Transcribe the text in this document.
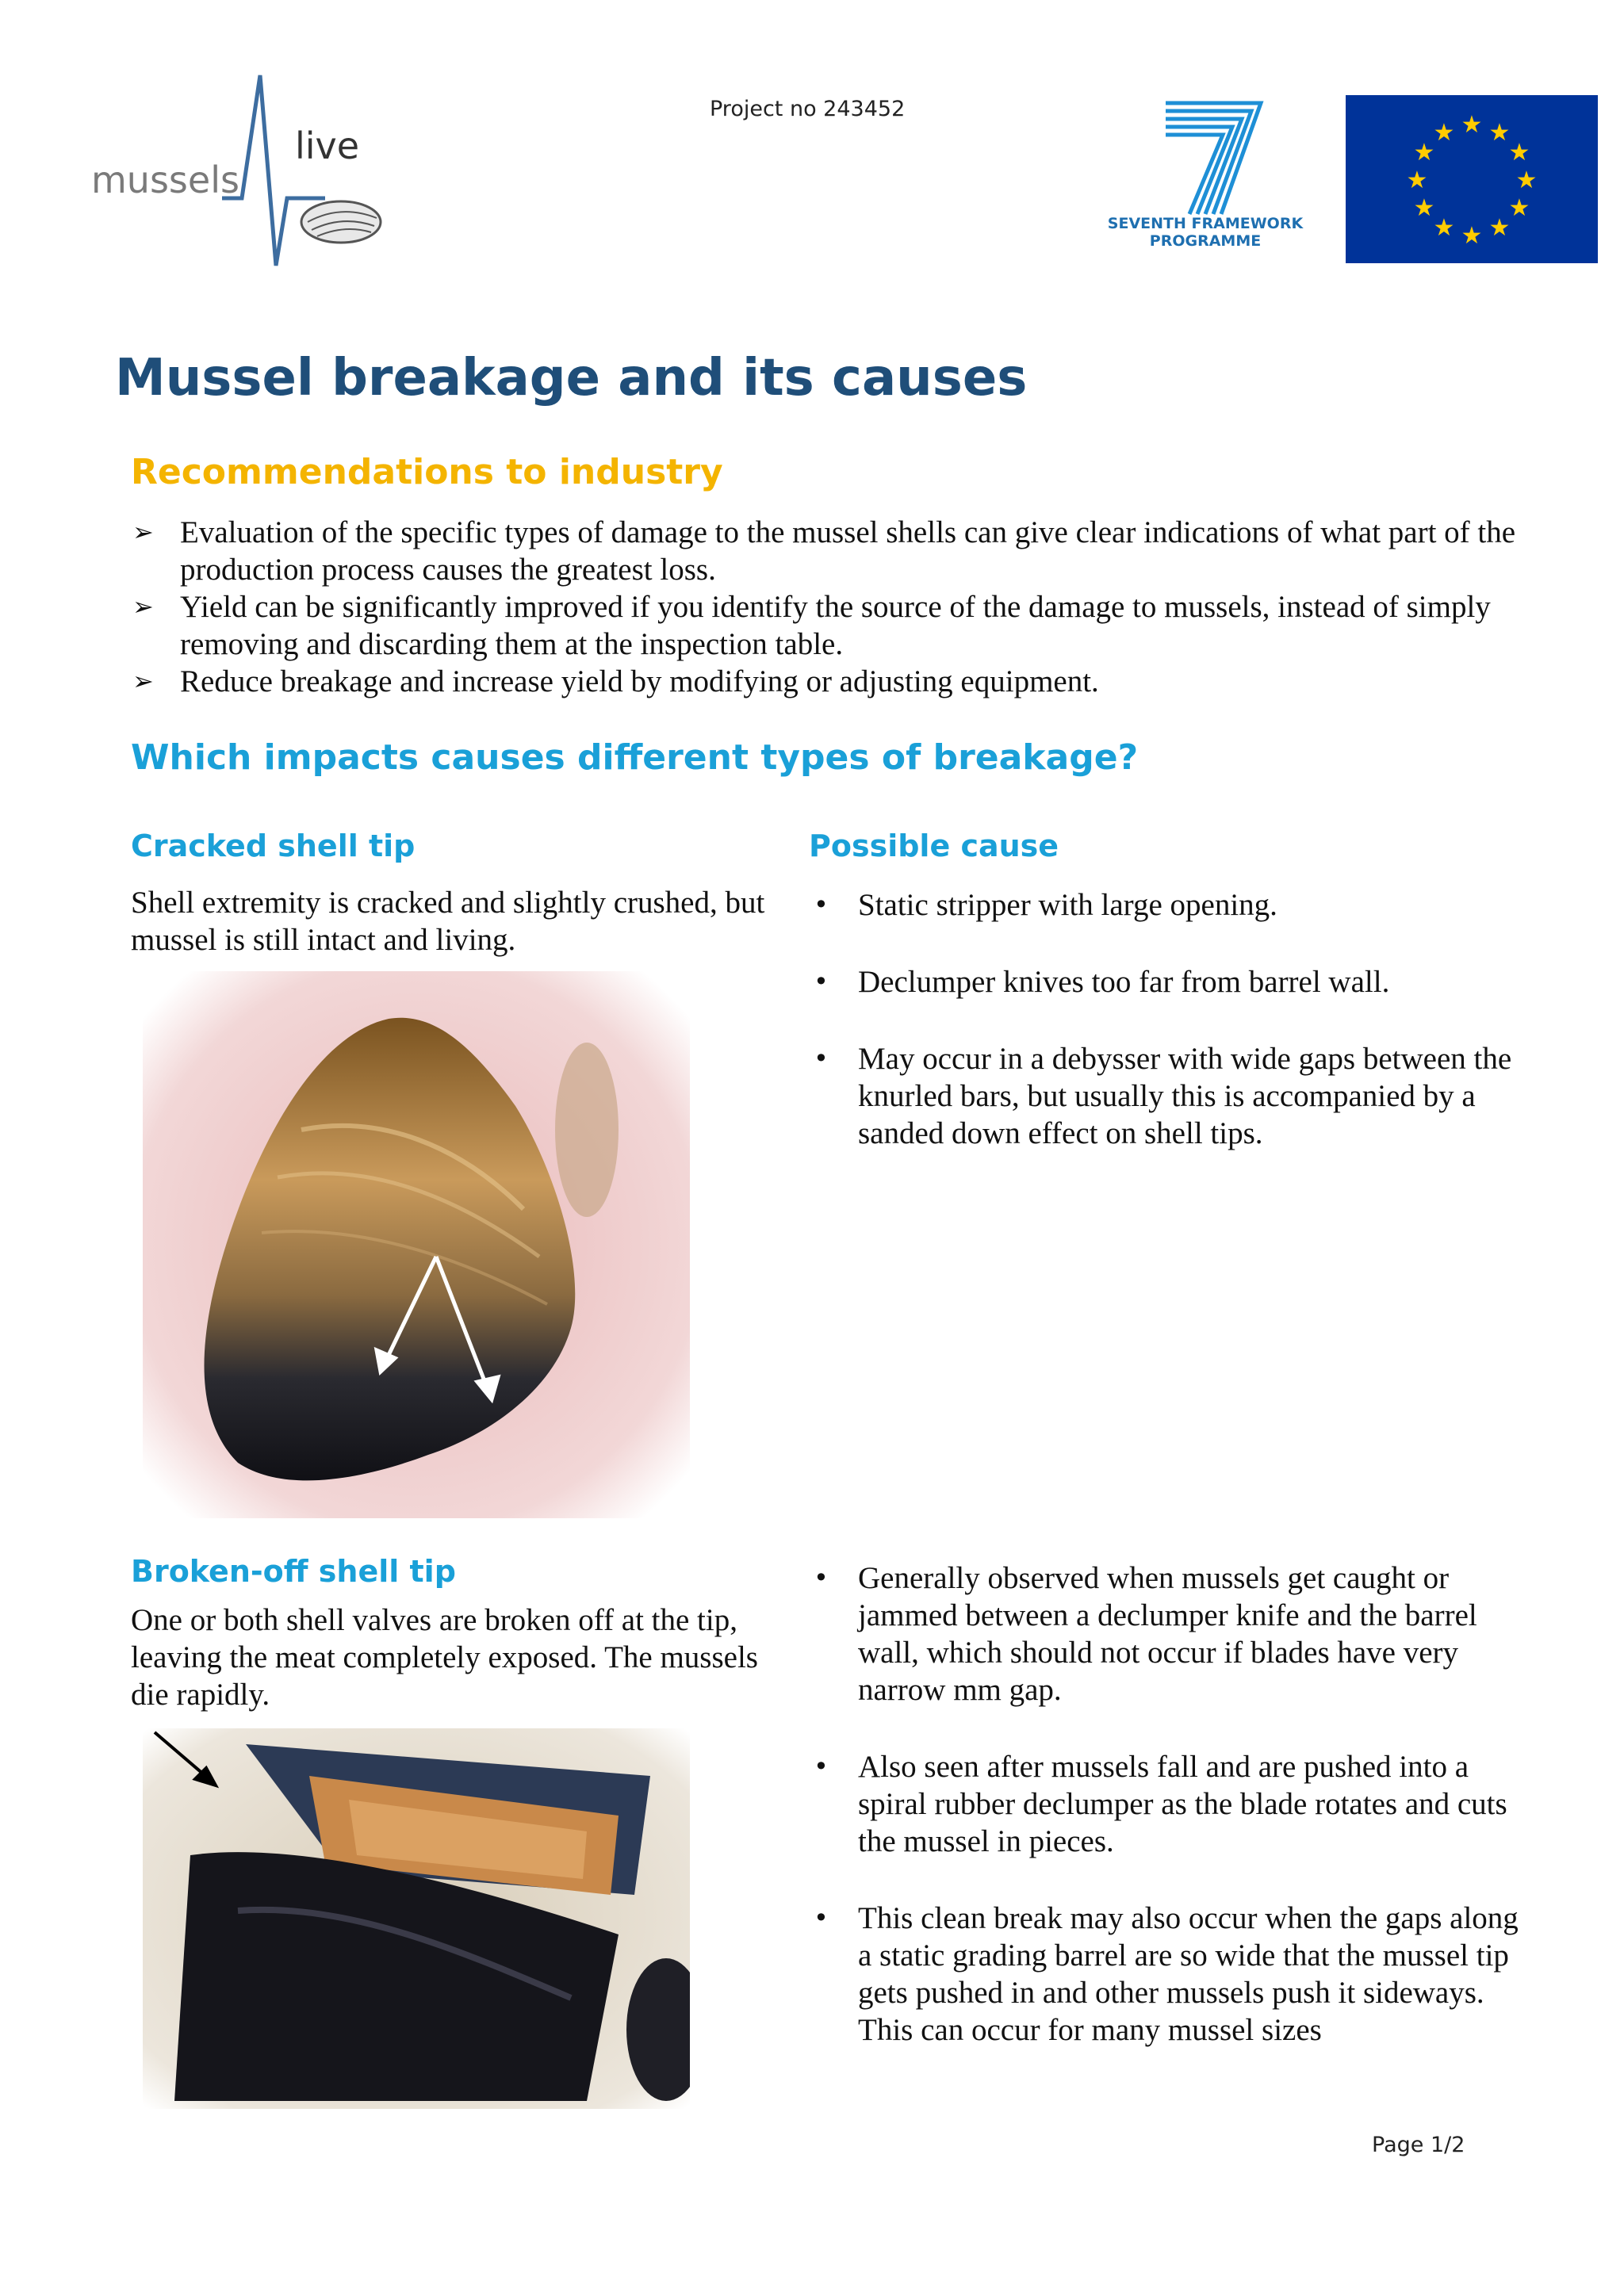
mussels
live
Project no 243452
SEVENTH FRAMEWORK
PROGRAMME
★ ★
★
★
★
★
★
★
★
★
★
★
Mussel breakage and its causes
Recommendations to industry
➢ Evaluation of the specific types of damage to the mussel shells can give clear indications of what part of the production process causes the greatest loss.
➢ Yield can be significantly improved if you identify the source of the damage to mussels, instead of simply removing and discarding them at the inspection table.
➢ Reduce breakage and increase yield by modifying or adjusting equipment.
Which impacts causes different types of breakage?
Cracked shell tip

Shell extremity is cracked and slightly crushed, but mussel is still intact and living.

Possible cause
• Static stripper with large opening.
• Declumper knives too far from barrel wall.
• May occur in a debysser with wide gaps between the knurled bars, but usually this is accompanied by a sanded down effect on shell tips.
Broken-off shell tip

One or both shell valves are broken off at the tip, leaving the meat completely exposed. The mussels die rapidly.

• Generally observed when mussels get caught or jammed between a declumper knife and the barrel wall, which should not occur if blades have very narrow mm gap.
• Also seen after mussels fall and are pushed into a spiral rubber declumper as the blade rotates and cuts the mussel in pieces.
• This clean break may also occur when the gaps along a static grading barrel are so wide that the mussel tip gets pushed in and other mussels push it sideways. This can occur for many mussel sizes
Page 1/2
